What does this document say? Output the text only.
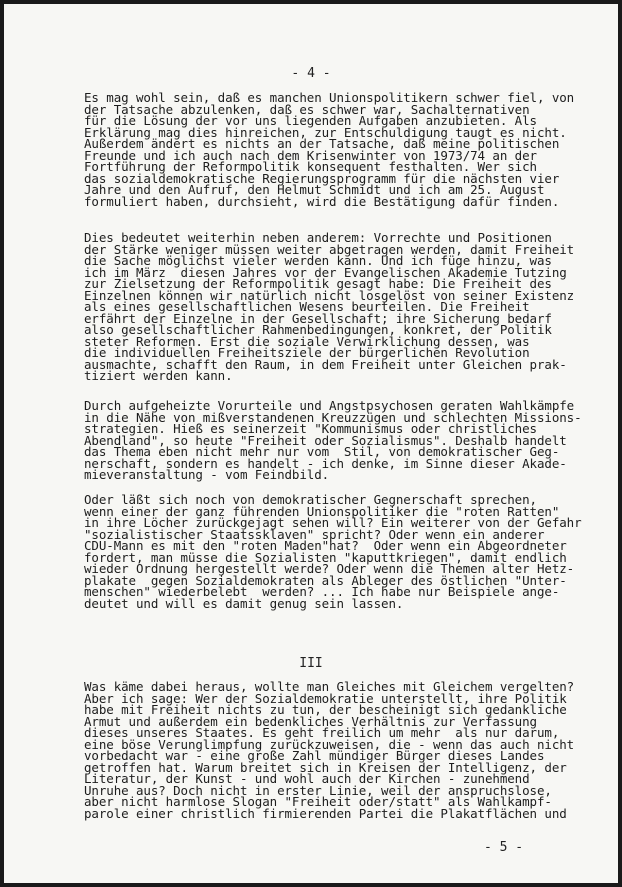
- 4 -
Es mag wohl sein, daß es manchen Unionspolitikern schwer fiel, von
der Tatsache abzulenken, daß es schwer war, Sachalternativen
für die Lösung der vor uns liegenden Aufgaben anzubieten. Als
Erklärung mag dies hinreichen, zur Entschuldigung taugt es nicht.
Außerdem ändert es nichts an der Tatsache, daß meine politischen
Freunde und ich auch nach dem Krisenwinter von 1973/74 an der
Fortführung der Reformpolitik konsequent festhalten. Wer sich
das sozialdemokratische Regierungsprogramm für die nächsten vier
Jahre und den Aufruf, den Helmut Schmidt und ich am 25. August
formuliert haben, durchsieht, wird die Bestätigung dafür finden.
Dies bedeutet weiterhin neben anderem: Vorrechte und Positionen
der Stärke weniger müssen weiter abgetragen werden, damit Freiheit
die Sache möglichst vieler werden kann. Und ich füge hinzu, was
ich im März  diesen Jahres vor der Evangelischen Akademie Tutzing
zur Zielsetzung der Reformpolitik gesagt habe: Die Freiheit des
Einzelnen können wir natürlich nicht losgelöst von seiner Existenz
als eines gesellschaftlichen Wesens beurteilen. Die Freiheit
erfährt der Einzelne in der Gesellschaft; ihre Sicherung bedarf
also gesellschaftlicher Rahmenbedingungen, konkret, der Politik
steter Reformen. Erst die soziale Verwirklichung dessen, was
die individuellen Freiheitsziele der bürgerlichen Revolution
ausmachte, schafft den Raum, in dem Freiheit unter Gleichen prak-
tiziert werden kann.
Durch aufgeheizte Vorurteile und Angstpsychosen geraten Wahlkämpfe
in die Nähe von mißverstandenen Kreuzzügen und schlechten Missions-
strategien. Hieß es seinerzeit "Kommunismus oder christliches
Abendland", so heute "Freiheit oder Sozialismus". Deshalb handelt
das Thema eben nicht mehr nur vom  Stil, von demokratischer Geg-
nerschaft, sondern es handelt - ich denke, im Sinne dieser Akade-
mieveranstaltung - vom Feindbild.
Oder läßt sich noch von demokratischer Gegnerschaft sprechen,
wenn einer der ganz führenden Unionspolitiker die "roten Ratten"
in ihre Löcher zurückgejagt sehen will? Ein weiterer von der Gefahr
"sozialistischer Staatssklaven" spricht? Oder wenn ein anderer
CDU-Mann es mit den "roten Maden"hat?  Oder wenn ein Abgeordneter
fordert, man müsse die Sozialisten "kaputtkriegen", damit endlich
wieder Ordnung hergestellt werde? Oder wenn die Themen alter Hetz-
plakate  gegen Sozialdemokraten als Ableger des östlichen "Unter-
menschen" wiederbelebt  werden? ... Ich habe nur Beispiele ange-
deutet und will es damit genug sein lassen.
III
Was käme dabei heraus, wollte man Gleiches mit Gleichem vergelten?
Aber ich sage: Wer der Sozialdemokratie unterstellt, ihre Politik
habe mit Freiheit nichts zu tun, der bescheinigt sich gedankliche
Armut und außerdem ein bedenkliches Verhältnis zur Verfassung
dieses unseres Staates. Es geht freilich um mehr  als nur darum,
eine böse Verunglimpfung zurückzuweisen, die - wenn das auch nicht
vorbedacht war - eine große Zahl mündiger Bürger dieses Landes
getroffen hat. Warum breitet sich in Kreisen der Intelligenz, der
Literatur, der Kunst - und wohl auch der Kirchen - zunehmend
Unruhe aus? Doch nicht in erster Linie, weil der anspruchslose,
aber nicht harmlose Slogan "Freiheit oder/statt" als Wahlkampf-
parole einer christlich firmierenden Partei die Plakatflächen und
- 5 -
